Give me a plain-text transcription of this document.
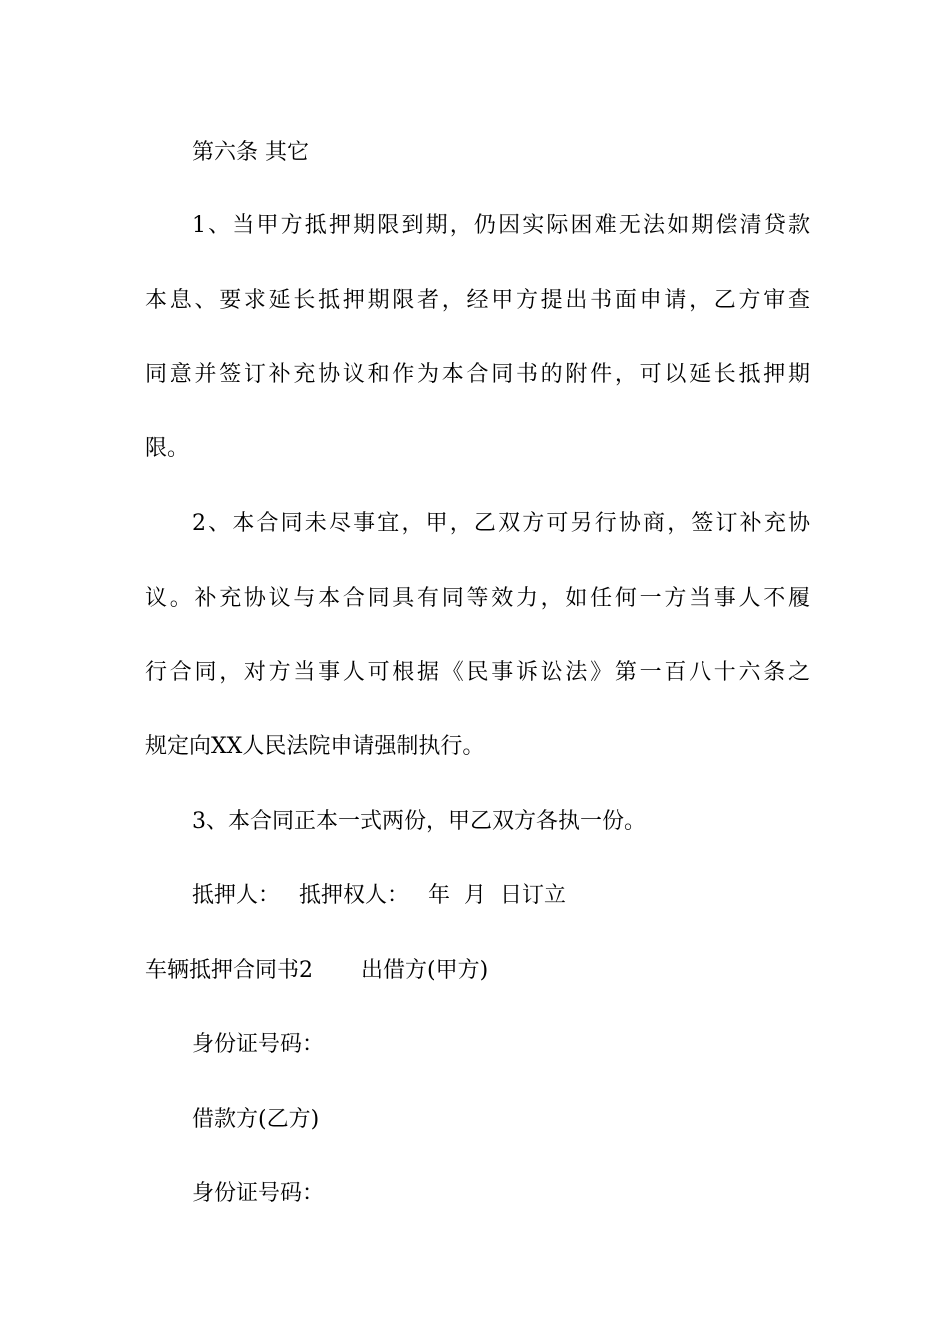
第六条 其它
1、当甲方抵押期限到期，仍因实际困难无法如期偿清贷款
本息、要求延长抵押期限者，经甲方提出书面申请，乙方审查
同意并签订补充协议和作为本合同书的附件，可以延长抵押期
限。
2、本合同未尽事宜，甲，乙双方可另行协商，签订补充协
议。补充协议与本合同具有同等效力，如任何一方当事人不履
行合同，对方当事人可根据《民事诉讼法》第一百八十六条之
规定向XX人民法院申请强制执行。
3、本合同正本一式两份，甲乙双方各执一份。
抵押人： 抵押权人： 年  月  日订立
车辆抵押合同书2 出借方(甲方)
身份证号码：
借款方(乙方)
身份证号码：
